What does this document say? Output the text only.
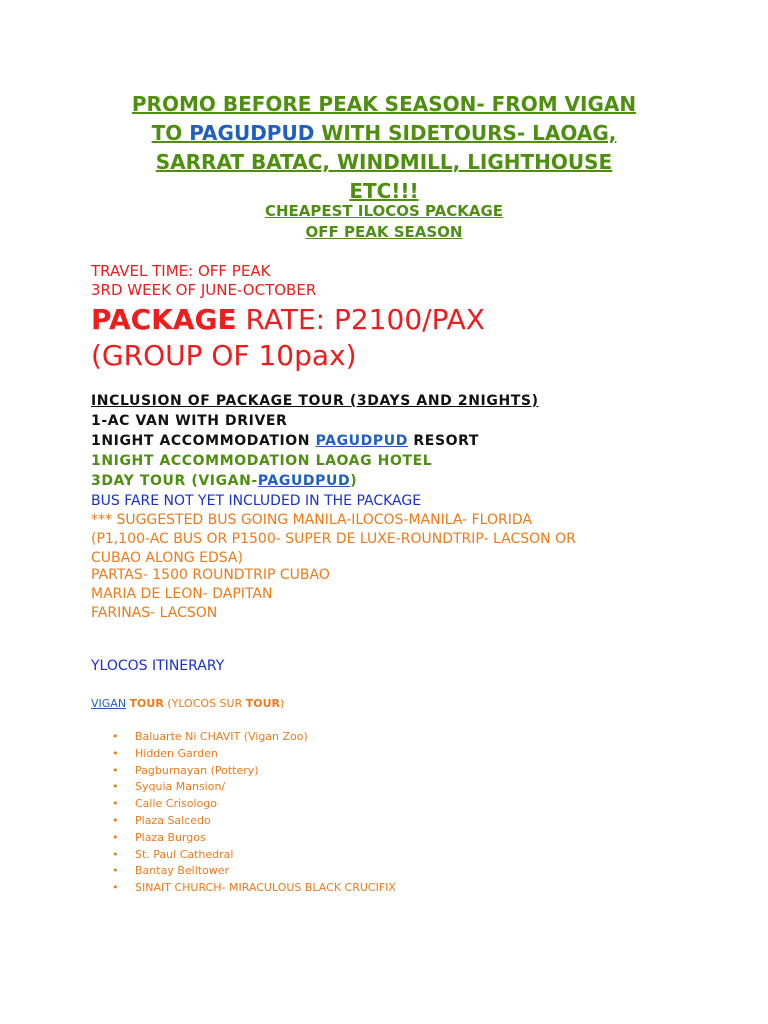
PROMO BEFORE PEAK SEASON- FROM VIGAN
TO PAGUDPUD WITH SIDETOURS- LAOAG,
SARRAT BATAC, WINDMILL, LIGHTHOUSE
ETC!!!
CHEAPEST ILOCOS PACKAGE
OFF PEAK SEASON
TRAVEL TIME: OFF PEAK
3RD WEEK OF JUNE-OCTOBER
PACKAGE RATE: P2100/PAX
(GROUP OF 10pax)
INCLUSION OF PACKAGE TOUR (3DAYS AND 2NIGHTS)
1-AC VAN WITH DRIVER
1NIGHT ACCOMMODATION PAGUDPUD RESORT
1NIGHT ACCOMMODATION LAOAG HOTEL
3DAY TOUR (VIGAN-PAGUDPUD)
BUS FARE NOT YET INCLUDED IN THE PACKAGE
*** SUGGESTED BUS GOING MANILA-ILOCOS-MANILA- FLORIDA
(P1,100-AC BUS OR P1500- SUPER DE LUXE-ROUNDTRIP- LACSON OR
CUBAO ALONG EDSA)
PARTAS- 1500 ROUNDTRIP CUBAO
MARIA DE LEON- DAPITAN
FARINAS- LACSON
YLOCOS ITINERARY
VIGAN TOUR (YLOCOS SUR TOUR)
• Baluarte Ni CHAVIT (Vigan Zoo)
• Hidden Garden
• Pagburnayan (Pottery)
• Syquia Mansion/
• Calle Crisologo
• Plaza Salcedo
• Plaza Burgos
• St. Paul Cathedral
• Bantay Belltower
• SINAIT CHURCH- MIRACULOUS BLACK CRUCIFIX
